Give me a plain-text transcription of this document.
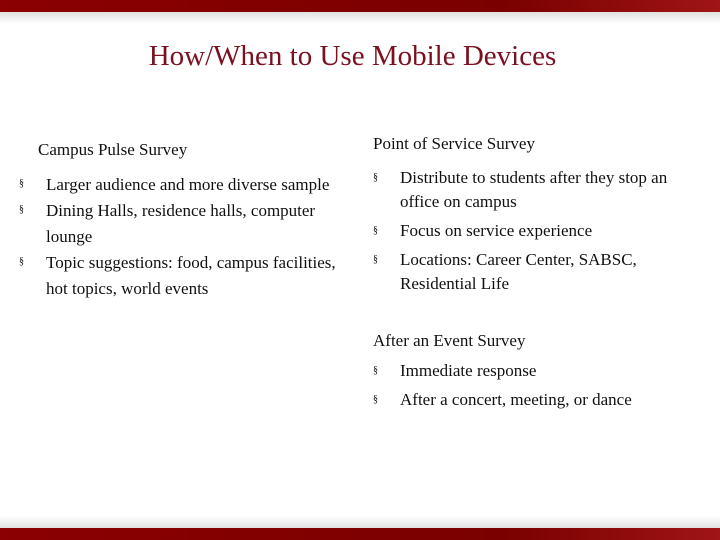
How/When to Use Mobile Devices
Campus Pulse Survey
§ Larger audience and more diverse sample
§ Dining Halls, residence halls, computer lounge
§ Topic suggestions: food, campus facilities, hot topics, world events
Point of Service Survey
§ Distribute to students after they stop an office on campus
§ Focus on service experience
§ Locations: Career Center, SABSC, Residential Life
After an Event Survey
§ Immediate response
§ After a concert, meeting, or dance
